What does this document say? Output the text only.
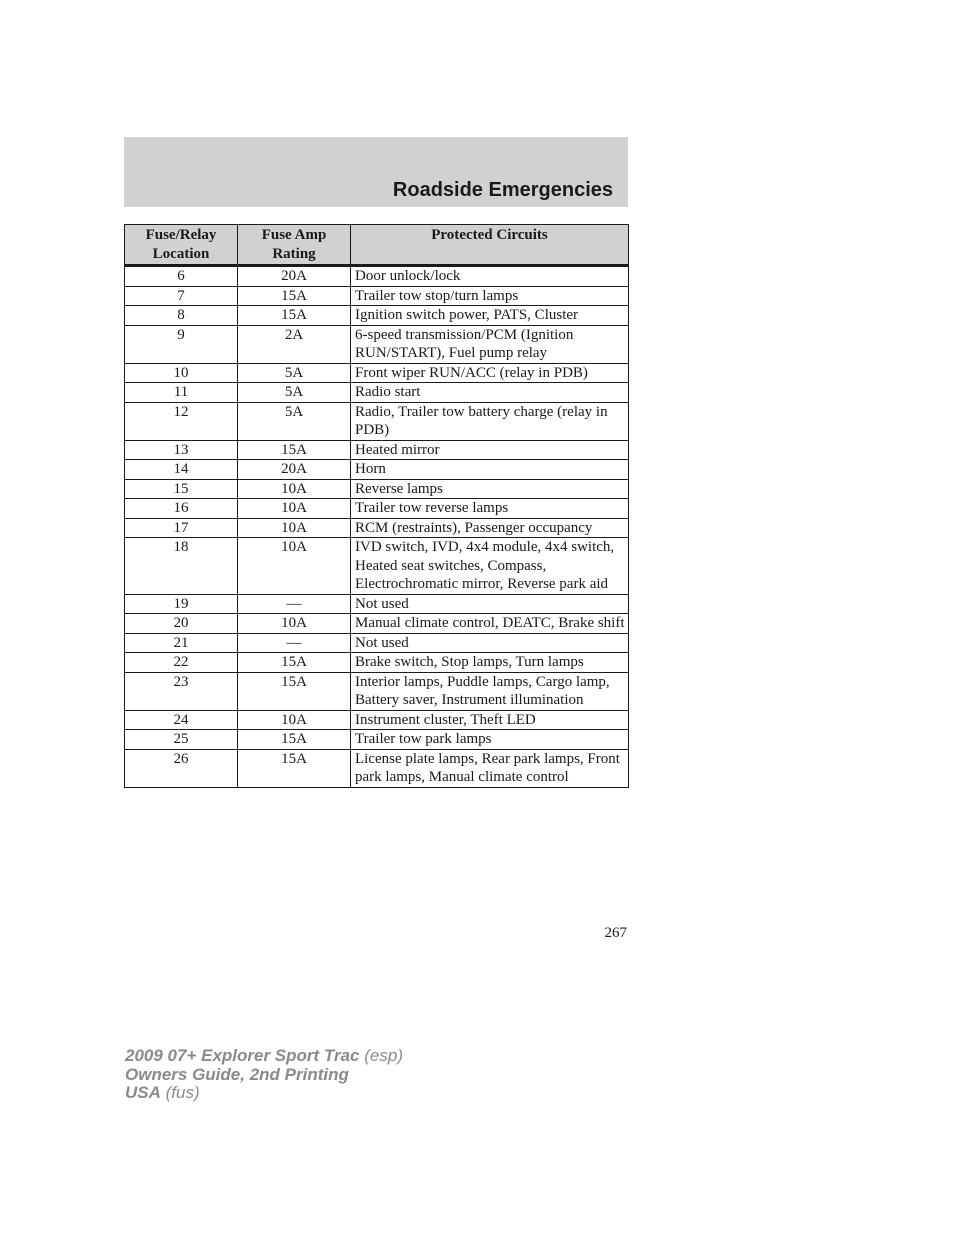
Roadside Emergencies
Fuse/Relay Location	Fuse Amp Rating	Protected Circuits
6	20A	Door unlock/lock
7	15A	Trailer tow stop/turn lamps
8	15A	Ignition switch power, PATS, Cluster
9	2A	6-speed transmission/PCM (Ignition RUN/START), Fuel pump relay
10	5A	Front wiper RUN/ACC (relay in PDB)
11	5A	Radio start
12	5A	Radio, Trailer tow battery charge (relay in PDB)
13	15A	Heated mirror
14	20A	Horn
15	10A	Reverse lamps
16	10A	Trailer tow reverse lamps
17	10A	RCM (restraints), Passenger occupancy
18	10A	IVD switch, IVD, 4x4 module, 4x4 switch, Heated seat switches, Compass, Electrochromatic mirror, Reverse park aid
19	—	Not used
20	10A	Manual climate control, DEATC, Brake shift
21	—	Not used
22	15A	Brake switch, Stop lamps, Turn lamps
23	15A	Interior lamps, Puddle lamps, Cargo lamp, Battery saver, Instrument illumination
24	10A	Instrument cluster, Theft LED
25	15A	Trailer tow park lamps
26	15A	License plate lamps, Rear park lamps, Front park lamps, Manual climate control
267
2009 07+ Explorer Sport Trac (esp)
Owners Guide, 2nd Printing
USA (fus)
